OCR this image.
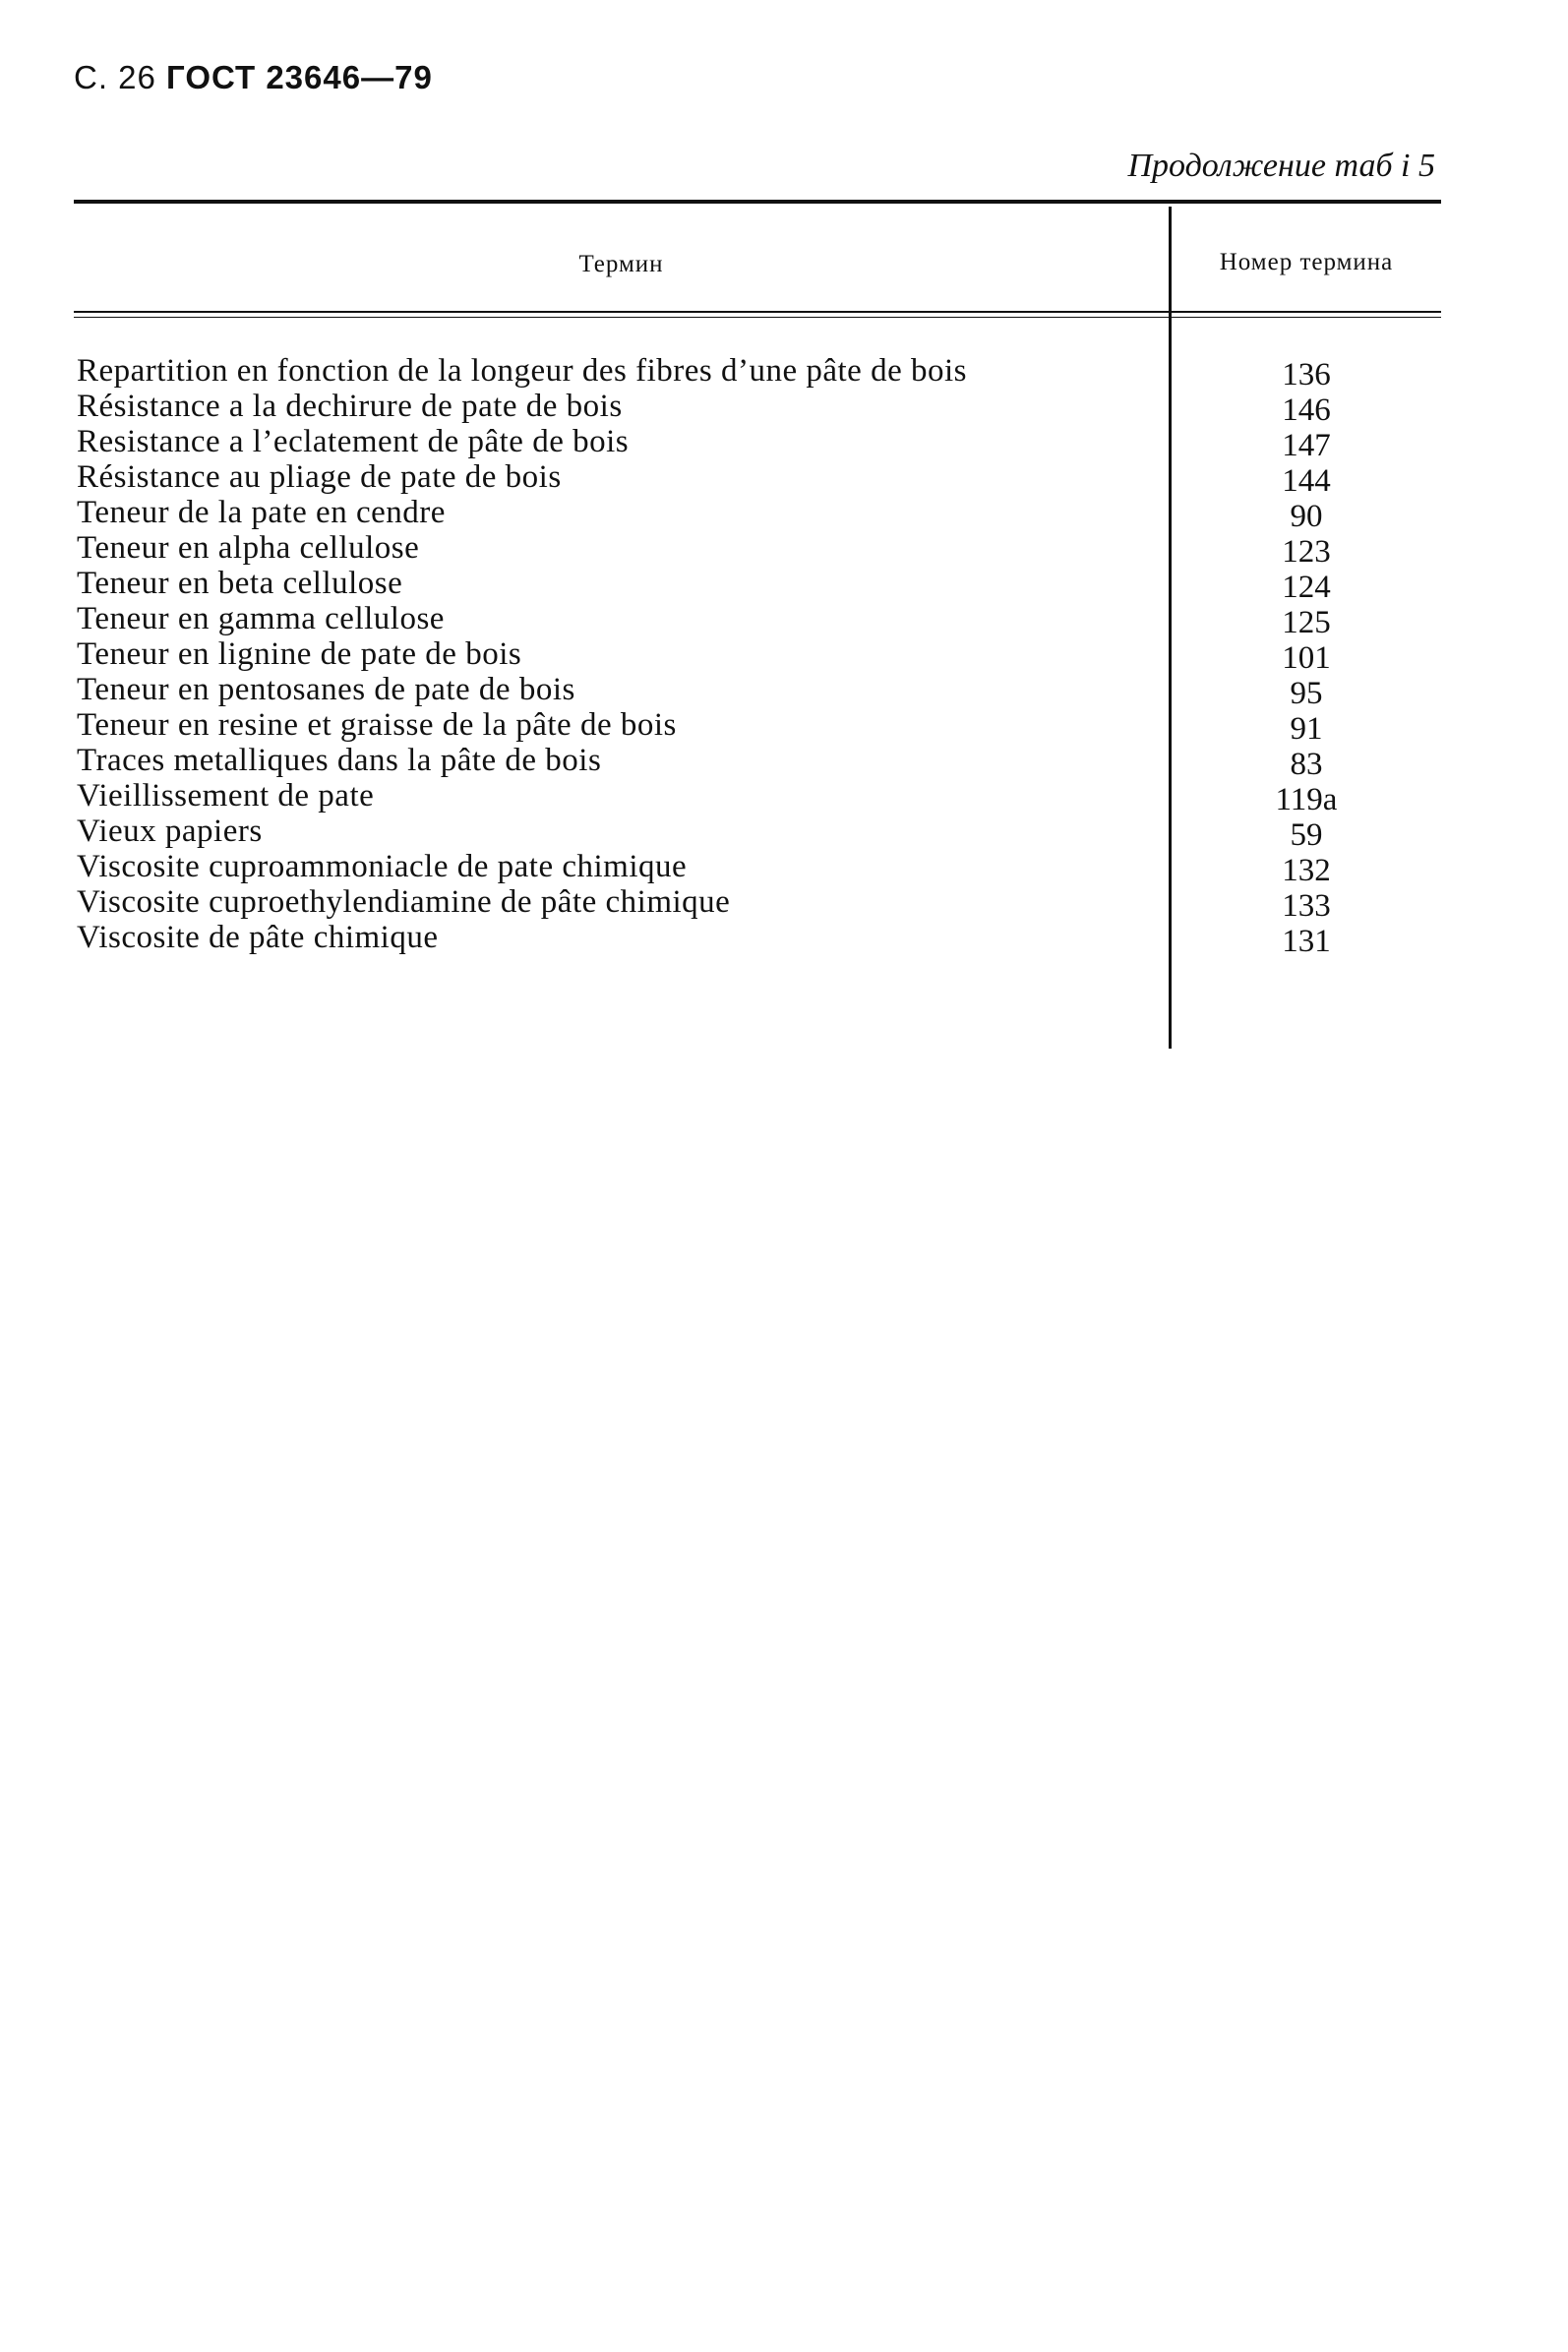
С. 26 ГОСТ 23646—79
Продолжение таб і 5
Термин	Номер термина
Repartition en fonction de la longeur des fibres d’une pâte de bois	136
Résistance a la dechirure de pate de bois	146
Resistance a l’eclatement de pâte de bois	147
Résistance au pliage de pate de bois	144
Teneur de la pate en cendre	90
Teneur en alpha cellulose	123
Teneur en beta cellulose	124
Teneur en gamma cellulose	125
Teneur en lignine de pate de bois	101
Teneur en pentosanes de pate de bois	95
Teneur en resine et graisse de la pâte de bois	91
Traces metalliques dans la pâte de bois	83
Vieillissement de pate	119a
Vieux papiers	59
Viscosite cuproammoniacle de pate chimique	132
Viscosite cuproethylendiamine de pâte chimique	133
Viscosite de pâte chimique	131
